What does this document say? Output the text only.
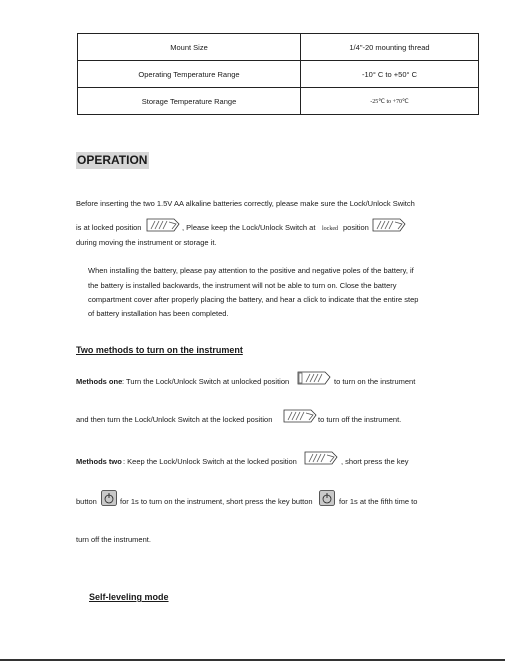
Mount Size	1/4"-20 mounting thread
Operating Temperature Range	-10° C to +50° C
Storage Temperature Range	-25℃ to +70℃
OPERATION
Before inserting the two 1.5V AA alkaline batteries correctly, please make sure the Lock/Unlock Switch
is at locked position	, Please keep the Lock/Unlock Switch at locked position
during moving the instrument or storage it.
When installing the battery, please pay attention to the positive and negative poles of the battery, if
the battery is installed backwards, the instrument will not be able to turn on. Close the battery
compartment cover after properly placing the battery, and hear a click to indicate that the entire step
of battery installation has been completed.
Two methods to turn on the instrument
Methods one : Turn the Lock/Unlock Switch at unlocked position	to turn on the instrument
and then turn the Lock/Unlock Switch at the locked position	to turn off the instrument.
Methods two : Keep the Lock/Unlock Switch at the locked position	, short press the key
button	for 1s to turn on the instrument, short press the key button	for 1s at the fifth time to
turn off the instrument.
Self-leveling mode
